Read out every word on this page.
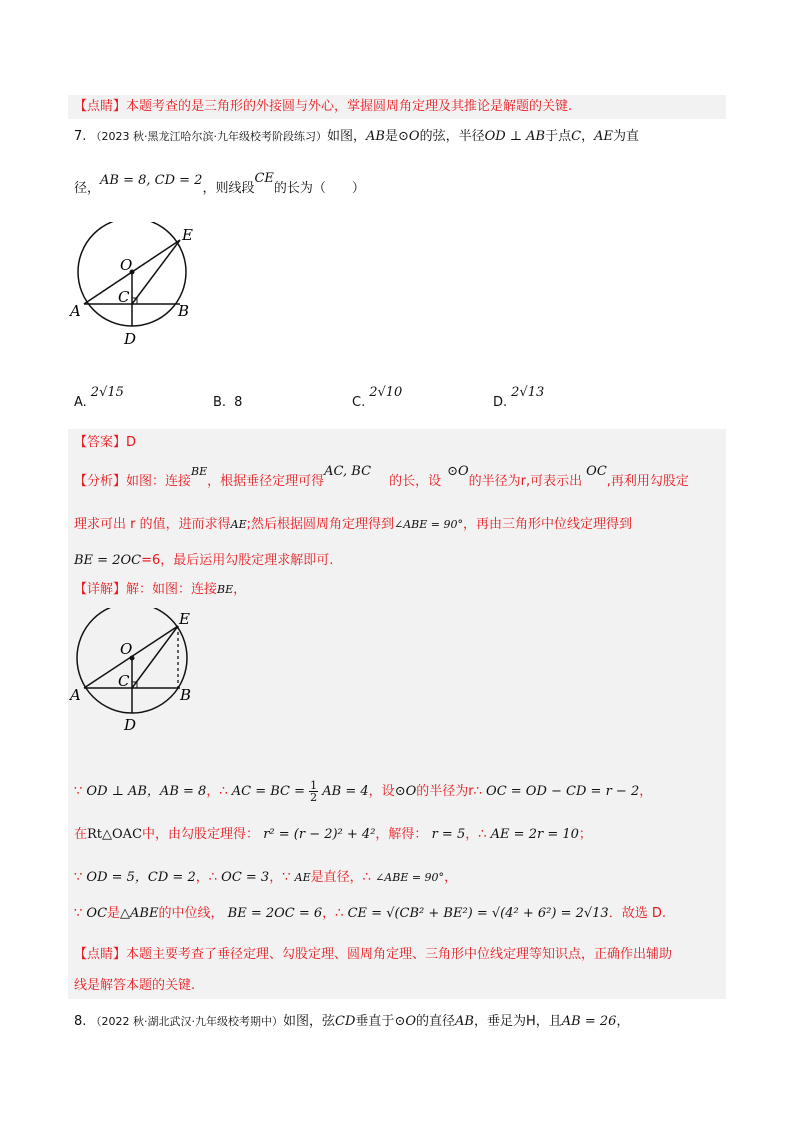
【点睛】本题考查的是三角形的外接圆与外心，掌握圆周角定理及其推论是解题的关键.
7. （2023 秋·黑龙江哈尔滨·九年级校考阶段练习）如图，AB是⊙O的弦，半径OD ⊥ AB于点C，AE为直
径，AB = 8, CD = 2，则线段CE的长为（　　）
E
O
C
A	B
D
A.2√15
B. 8	C.2√10
D.2√13
【答案】D
【分析】如图：连接$^{BE}$，根据垂径定理可得AC, BC的长，设⊙O的半径为r,可表示出OC,再利用勾股定
理求可出 r 的值，进而求得AE;然后根据圆周角定理得到∠ABE = 90°，再由三角形中位线定理得到
BE = 2OC=6，最后运用勾股定理求解即可.
【详解】解：如图：连接BE，
E
O
C
A	B
D
∵ OD ⊥ AB，AB = 8，∴ AC = BC = $\frac{1}{2}$ AB = 4，设⊙O的半径为r∴ OC = OD − CD = r − 2，
在Rt△OAC中，由勾股定理得： r² = (r − 2)² + 4²，解得： r = 5，∴ AE = 2r = 10；
∵ OD = 5，CD = 2，∴ OC = 3，∵ AE是直径，∴ ∠ABE = 90°，
∵ OC是△ABE的中位线， BE = 2OC = 6，∴ CE = √(CB² + BE²) = √(4² + 6²) = 2√13．故选 D.
【点睛】本题主要考查了垂径定理、勾股定理、圆周角定理、三角形中位线定理等知识点，正确作出辅助
线是解答本题的关键.
8. （2022 秋·湖北武汉·九年级校考期中）如图，弦CD垂直于⊙O的直径AB，垂足为H，且AB = 26，
